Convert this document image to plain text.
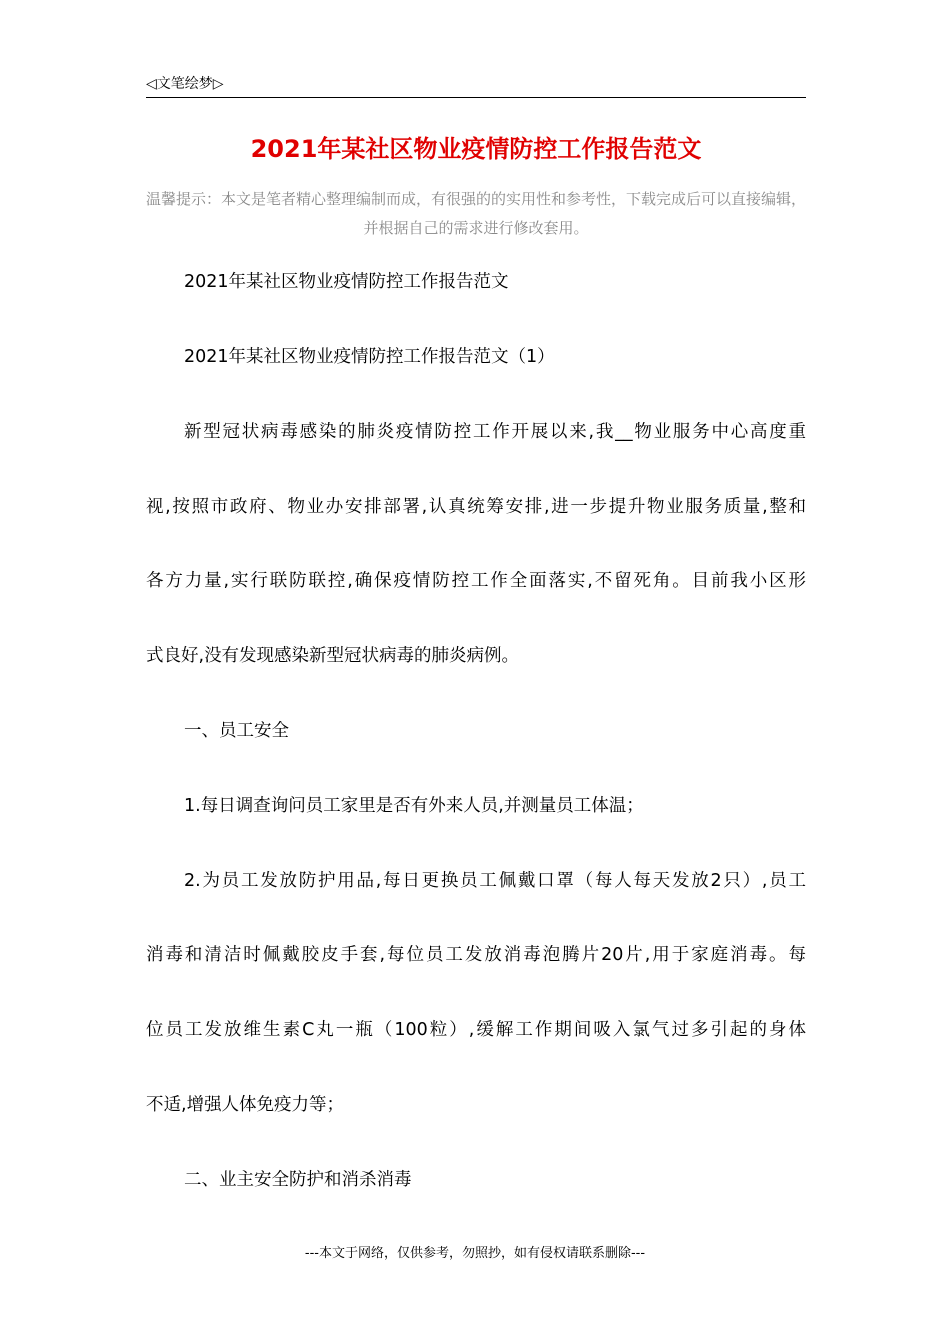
◁文笔绘梦▷
2021年某社区物业疫情防控工作报告范文
温馨提示：本文是笔者精心整理编制而成，有很强的的实用性和参考性，下载完成后可以直接编辑，并根据自己的需求进行修改套用。
2021年某社区物业疫情防控工作报告范文
2021年某社区物业疫情防控工作报告范文（1）
新型冠状病毒感染的肺炎疫情防控工作开展以来,我__物业服务中心高度重
视,按照市政府、物业办安排部署,认真统筹安排,进一步提升物业服务质量,整和
各方力量,实行联防联控,确保疫情防控工作全面落实,不留死角。目前我小区形
式良好,没有发现感染新型冠状病毒的肺炎病例。
一、员工安全
1.每日调查询问员工家里是否有外来人员,并测量员工体温；
2.为员工发放防护用品,每日更换员工佩戴口罩（每人每天发放2只）,员工
消毒和清洁时佩戴胶皮手套,每位员工发放消毒泡腾片20片,用于家庭消毒。每
位员工发放维生素C丸一瓶（100粒）,缓解工作期间吸入氯气过多引起的身体
不适,增强人体免疫力等；
二、业主安全防护和消杀消毒
---本文于网络，仅供参考，勿照抄，如有侵权请联系删除---
